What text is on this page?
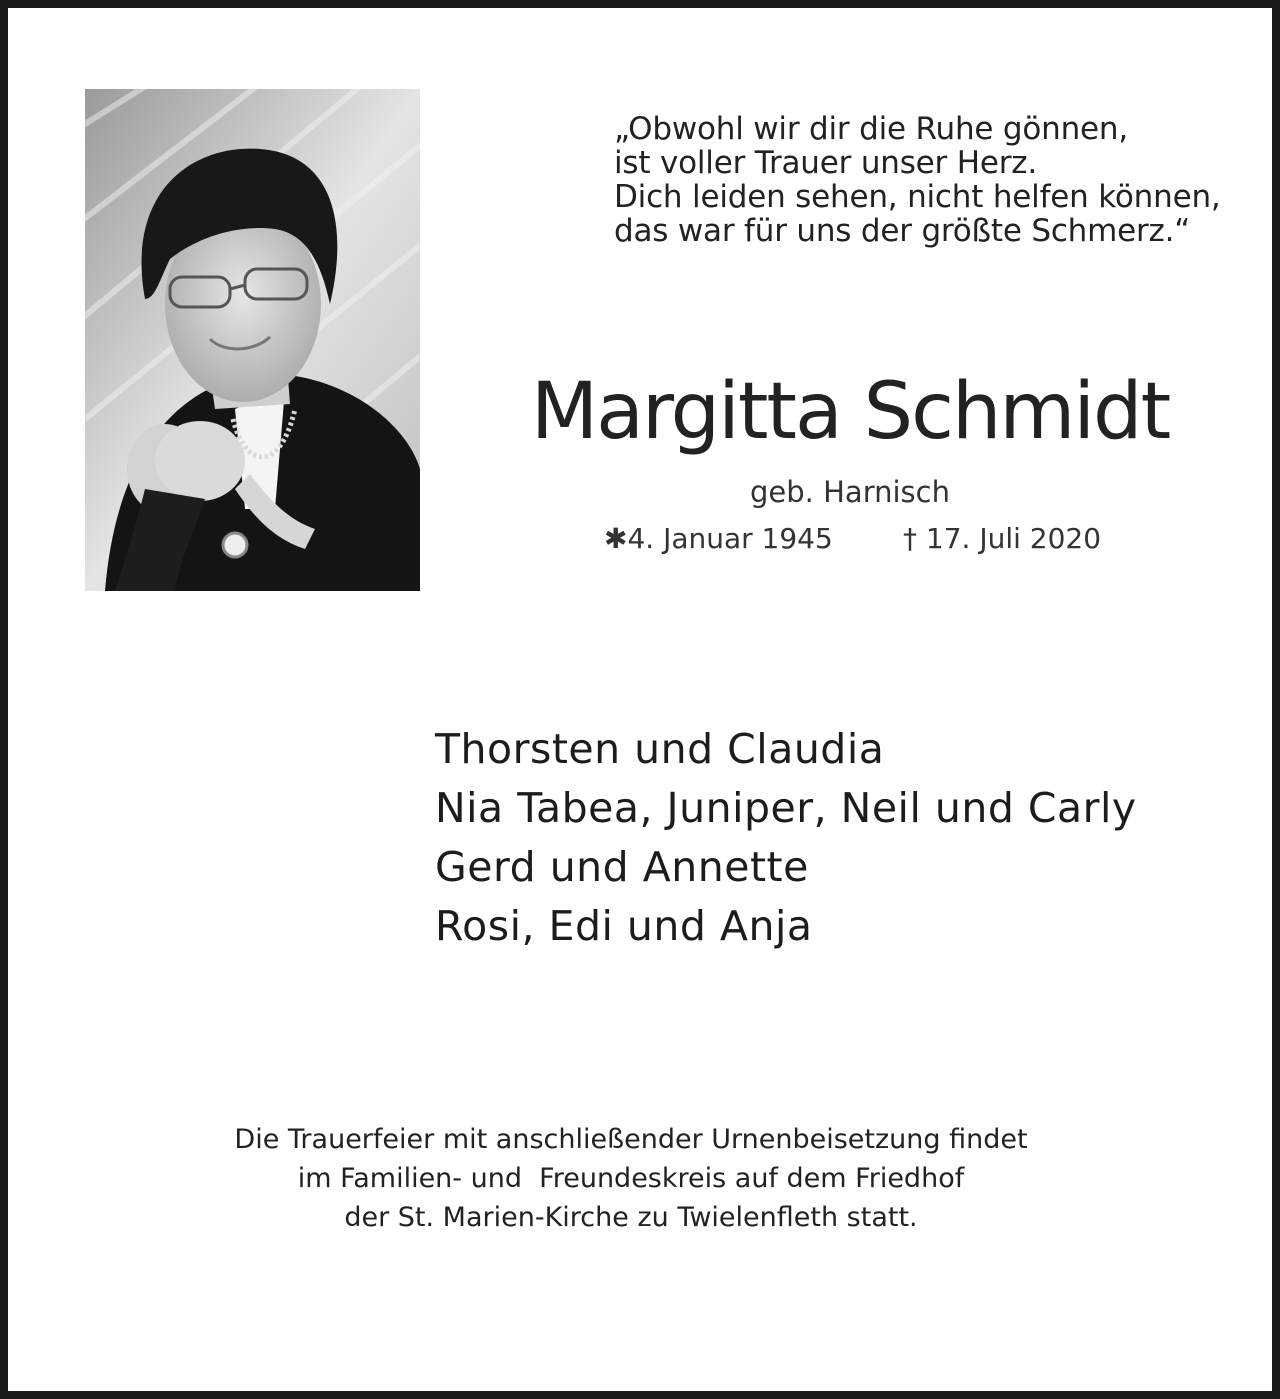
„Obwohl wir dir die Ruhe gönnen,
ist voller Trauer unser Herz.
Dich leiden sehen, nicht helfen können,
das war für uns der größte Schmerz.“
Margitta Schmidt
geb. Harnisch
✱4. Januar 1945	† 17. Juli 2020
Thorsten und Claudia
Nia Tabea, Juniper, Neil und Carly
Gerd und Annette
Rosi, Edi und Anja
Die Trauerfeier mit anschließender Urnenbeisetzung findet
im Familien- und  Freundeskreis auf dem Friedhof
der St. Marien-Kirche zu Twielenfleth statt.
